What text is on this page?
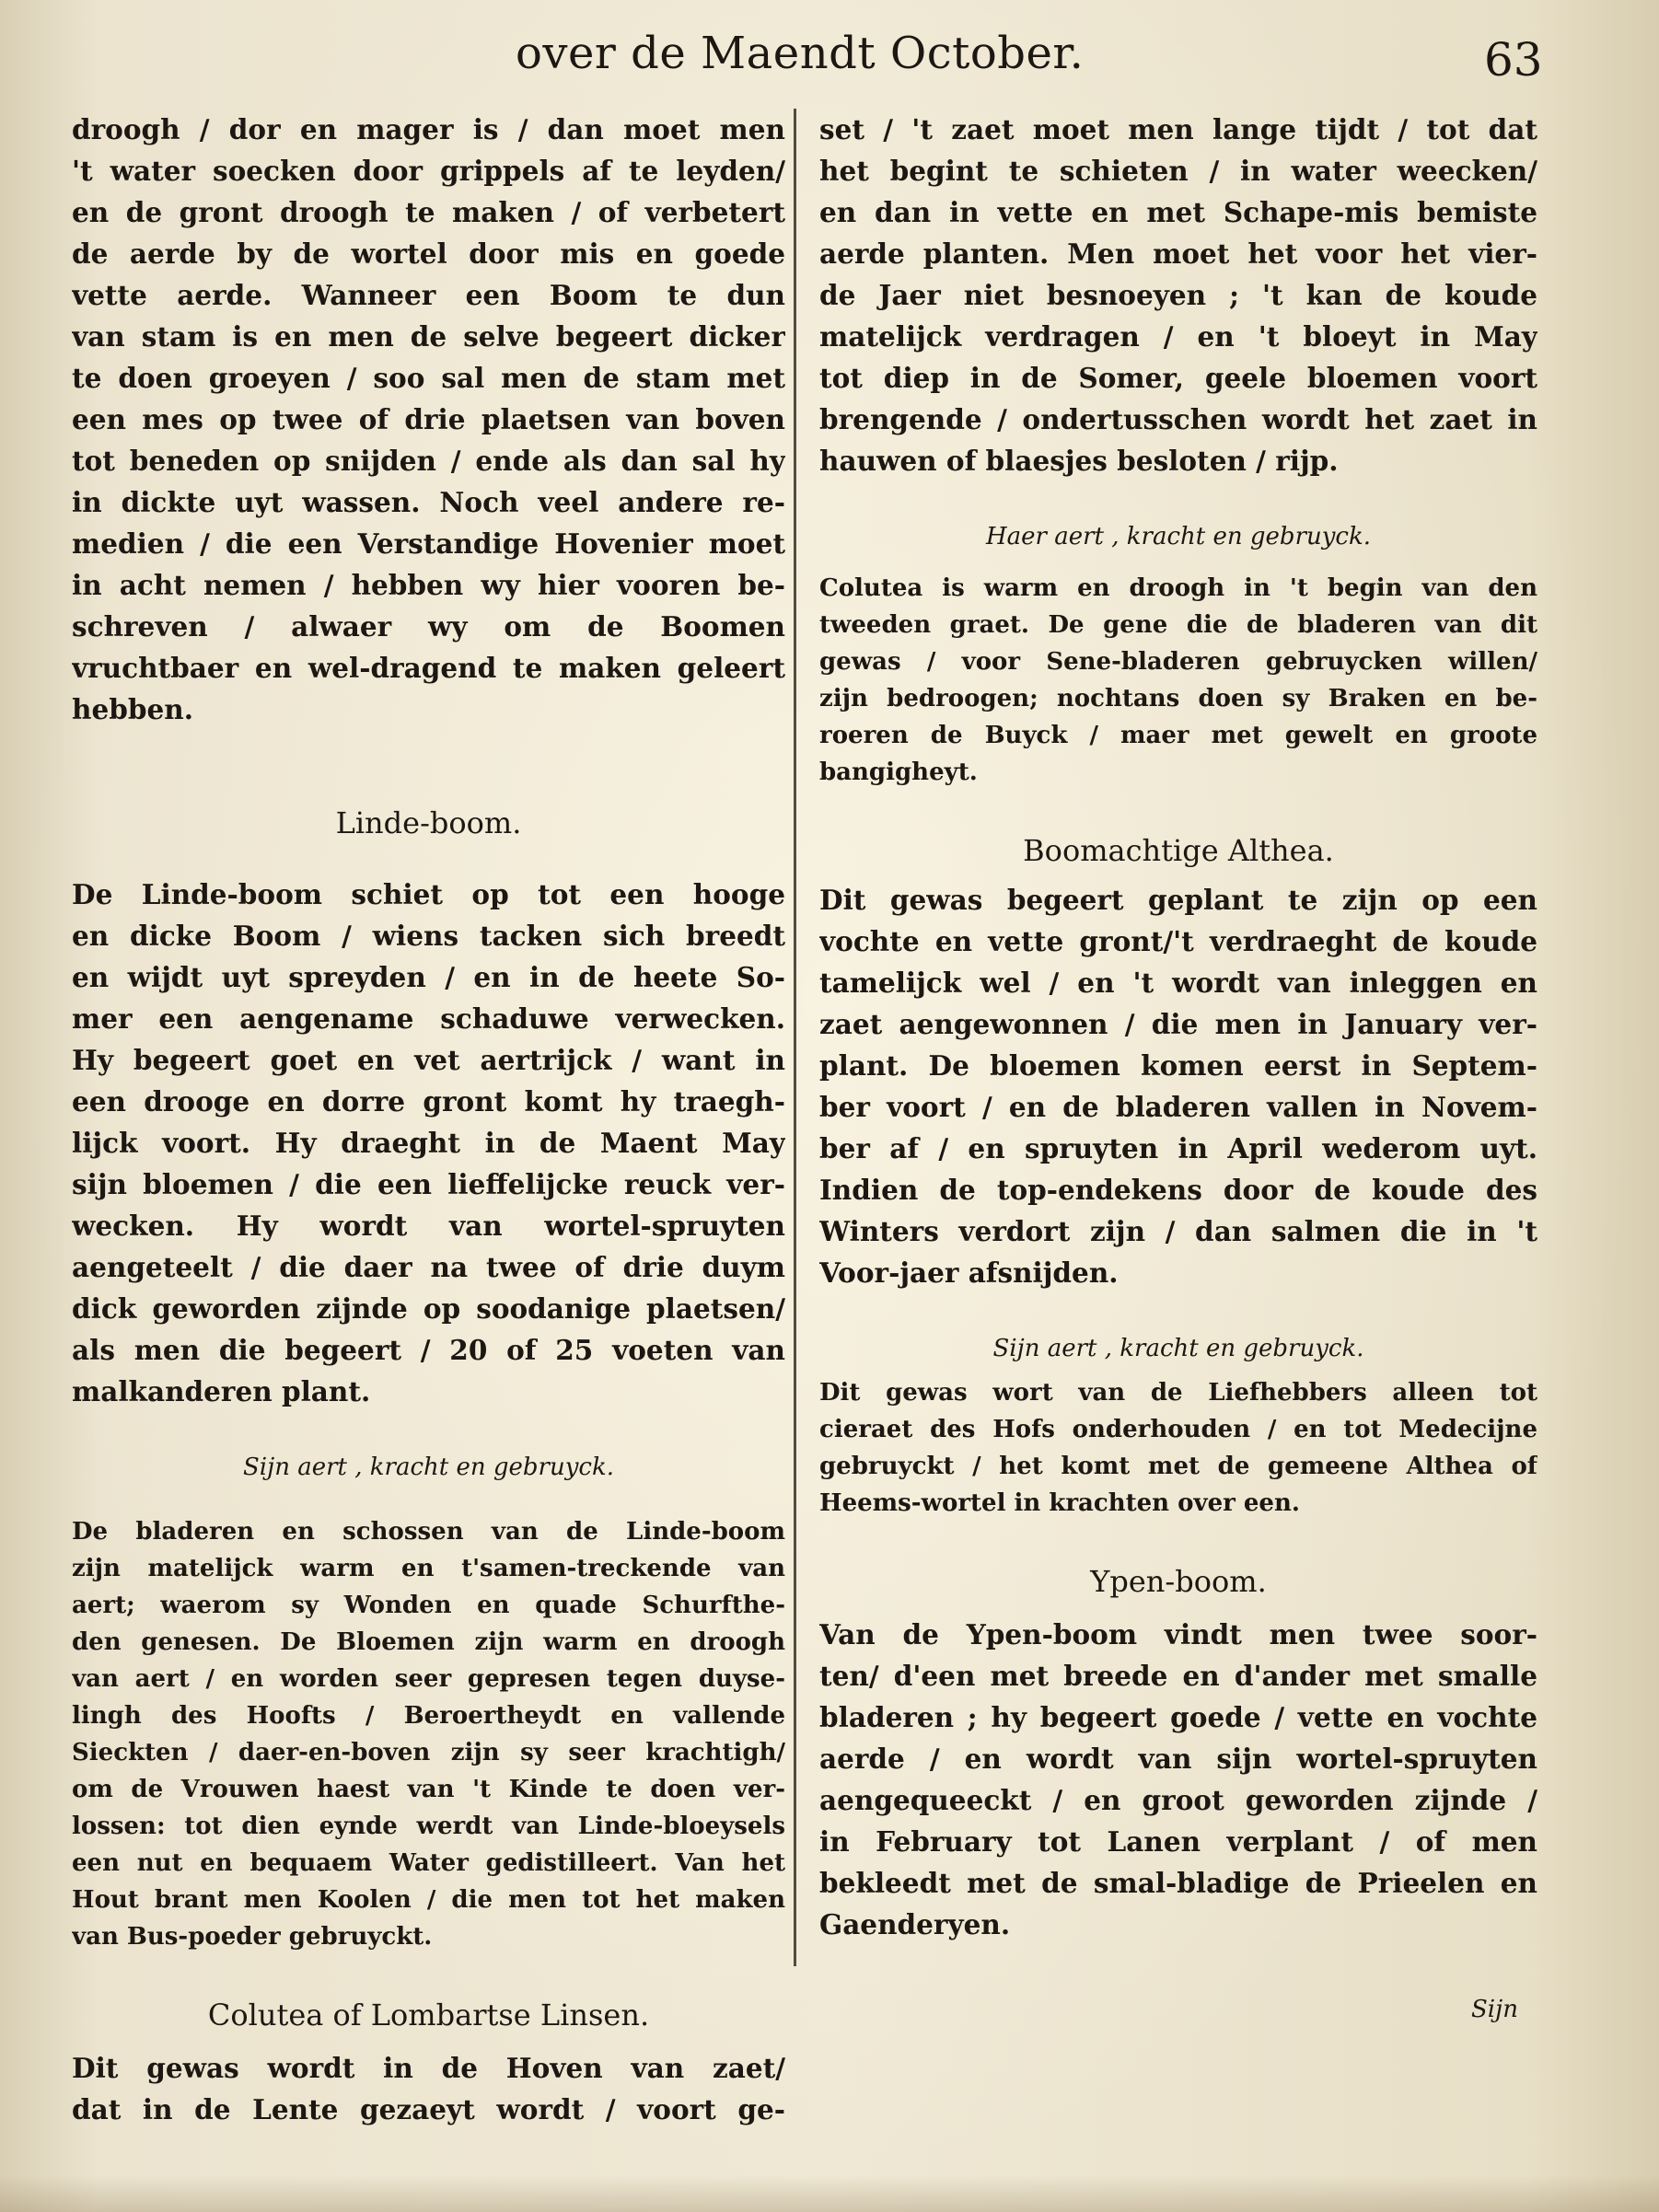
over de Maendt October.	63
droogh / dor en mager is / dan moet men
't water soecken door grippels af te leyden/
en de gront droogh te maken / of verbetert
de aerde by de wortel door mis en goede
vette aerde. Wanneer een Boom te dun
van stam is en men de selve begeert dicker
te doen groeyen / soo sal men de stam met
een mes op twee of drie plaetsen van boven
tot beneden op snijden / ende als dan sal hy
in dickte uyt wassen. Noch veel andere re-
medien / die een Verstandige Hovenier moet
in acht nemen / hebben wy hier vooren be-
schreven / alwaer wy om de Boomen
vruchtbaer en wel-dragend te maken geleert
hebben.
Linde-boom.
De Linde-boom schiet op tot een hooge
en dicke Boom / wiens tacken sich breedt
en wijdt uyt spreyden / en in de heete So-
mer een aengename schaduwe verwecken.
Hy begeert goet en vet aertrijck / want in
een drooge en dorre gront komt hy traegh-
lijck voort. Hy draeght in de Maent May
sijn bloemen / die een lieffelijcke reuck ver-
wecken. Hy wordt van wortel-spruyten
aengeteelt / die daer na twee of drie duym
dick geworden zijnde op soodanige plaetsen/
als men die begeert / 20 of 25 voeten van
malkanderen plant.
Sijn aert , kracht en gebruyck.
De bladeren en schossen van de Linde-boom
zijn matelijck warm en t'samen-treckende van
aert; waerom sy Wonden en quade Schurfthe-
den genesen. De Bloemen zijn warm en droogh
van aert / en worden seer gepresen tegen duyse-
lingh des Hoofts / Beroertheydt en vallende
Sieckten / daer-en-boven zijn sy seer krachtigh/
om de Vrouwen haest van 't Kinde te doen ver-
lossen: tot dien eynde werdt van Linde-bloeysels
een nut en bequaem Water gedistilleert. Van het
Hout brant men Koolen / die men tot het maken
van Bus-poeder gebruyckt.
Colutea of Lombartse Linsen.
Dit gewas wordt in de Hoven van zaet/
dat in de Lente gezaeyt wordt / voort ge-
set / 't zaet moet men lange tijdt / tot dat
het begint te schieten / in water weecken/
en dan in vette en met Schape-mis bemiste
aerde planten. Men moet het voor het vier-
de Jaer niet besnoeyen ; 't kan de koude
matelijck verdragen / en 't bloeyt in May
tot diep in de Somer, geele bloemen voort
brengende / ondertusschen wordt het zaet in
hauwen of blaesjes besloten / rijp.
Haer aert , kracht en gebruyck.
Colutea is warm en droogh in 't begin van den
tweeden graet. De gene die de bladeren van dit
gewas / voor Sene-bladeren gebruycken willen/
zijn bedroogen; nochtans doen sy Braken en be-
roeren de Buyck / maer met gewelt en groote
bangigheyt.
Boomachtige Althea.
Dit gewas begeert geplant te zijn op een
vochte en vette gront/'t verdraeght de koude
tamelijck wel / en 't wordt van inleggen en
zaet aengewonnen / die men in January ver-
plant. De bloemen komen eerst in Septem-
ber voort / en de bladeren vallen in Novem-
ber af / en spruyten in April wederom uyt.
Indien de top-endekens door de koude des
Winters verdort zijn / dan salmen die in 't
Voor-jaer afsnijden.
Sijn aert , kracht en gebruyck.
Dit gewas wort van de Liefhebbers alleen tot
cieraet des Hofs onderhouden / en tot Medecijne
gebruyckt / het komt met de gemeene Althea of
Heems-wortel in krachten over een.
Ypen-boom.
Van de Ypen-boom vindt men twee soor-
ten/ d'een met breede en d'ander met smalle
bladeren ; hy begeert goede / vette en vochte
aerde / en wordt van sijn wortel-spruyten
aengequeeckt / en groot geworden zijnde /
in February tot Lanen verplant / of men
bekleedt met de smal-bladige de Prieelen en
Gaenderyen.
Sijn
